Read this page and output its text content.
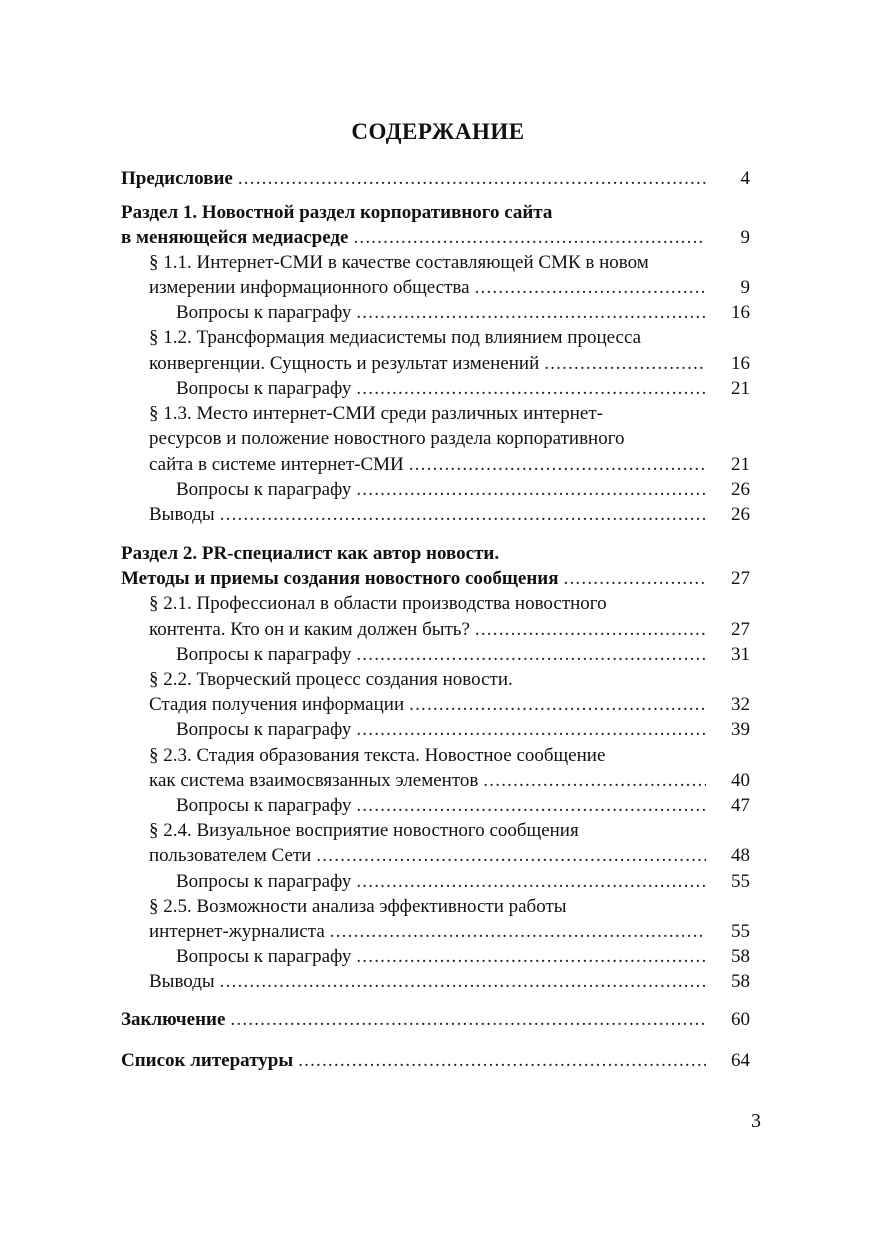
СОДЕРЖАНИЕ
Предисловие .....	4
Раздел 1. Новостной раздел корпоративного сайта
в меняющейся медиасреде .....	9
§ 1.1. Интернет-СМИ в качестве составляющей СМК в новом
измерении информационного общества .....	9
Вопросы к параграфу .....	16
§ 1.2. Трансформация медиасистемы под влиянием процесса
конвергенции. Сущность и результат изменений .....	16
Вопросы к параграфу .....	21
§ 1.3. Место интернет-СМИ среди различных интернет-
ресурсов и положение новостного раздела корпоративного
сайта в системе интернет-СМИ .....	21
Вопросы к параграфу .....	26
Выводы .....	26
Раздел 2. PR-специалист как автор новости.
Методы и приемы создания новостного сообщения .....	27
§ 2.1. Профессионал в области производства новостного
контента. Кто он и каким должен быть? .....	27
Вопросы к параграфу .....	31
§ 2.2. Творческий процесс создания новости.
Стадия получения информации .....	32
Вопросы к параграфу .....	39
§ 2.3. Стадия образования текста. Новостное сообщение
как система взаимосвязанных элементов .....	40
Вопросы к параграфу .....	47
§ 2.4. Визуальное восприятие новостного сообщения
пользователем Сети .....	48
Вопросы к параграфу .....	55
§ 2.5. Возможности анализа эффективности работы
интернет-журналиста .....	55
Вопросы к параграфу .....	58
Выводы .....	58
Заключение .....	60
Список литературы .....	64
3
